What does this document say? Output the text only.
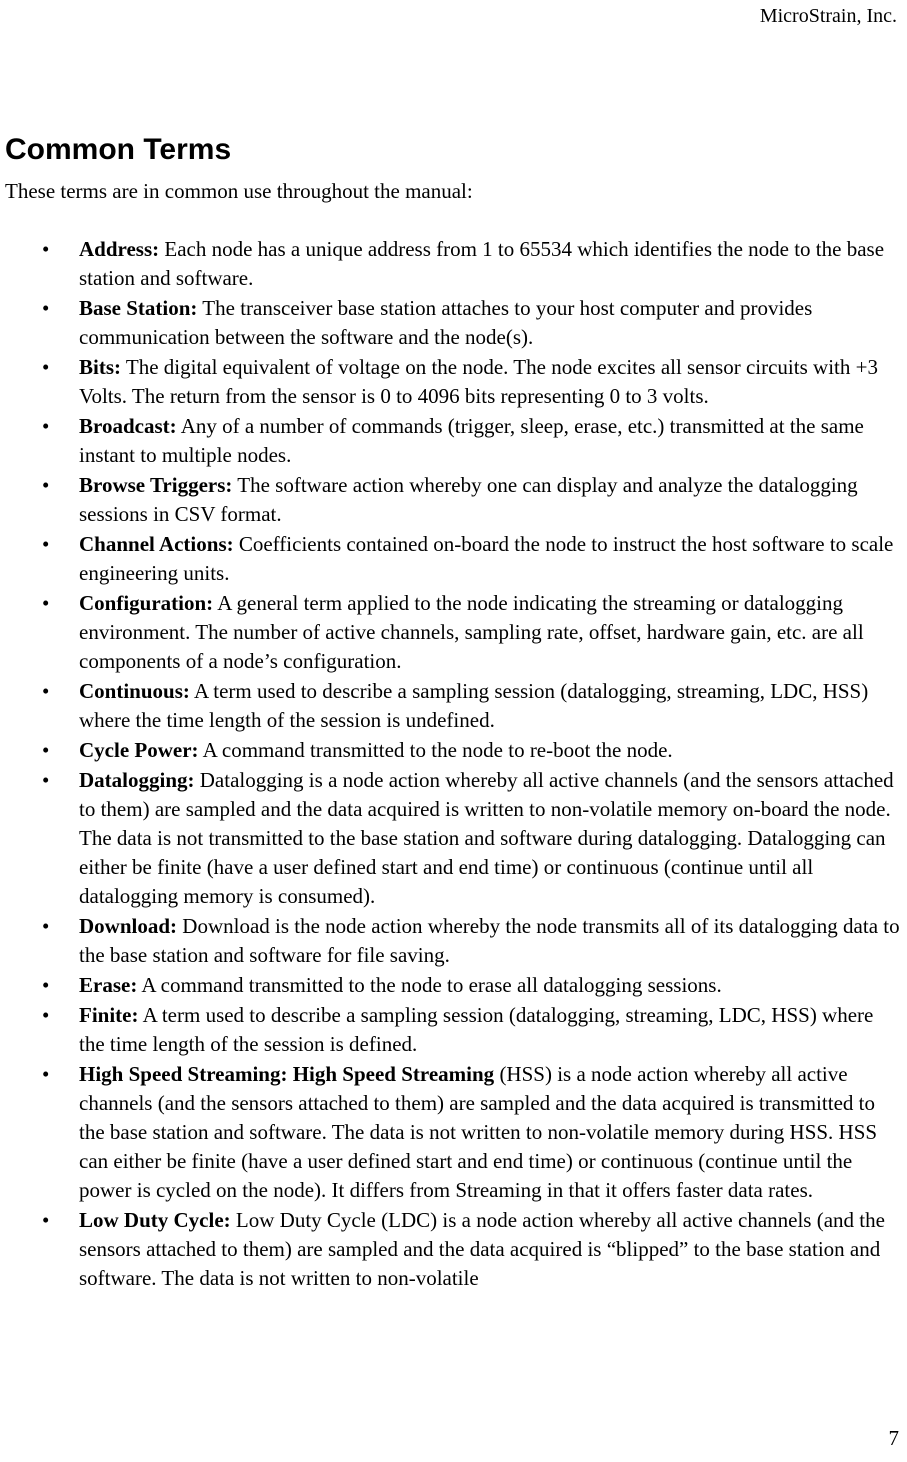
MicroStrain, Inc.
Common Terms

These terms are in common use throughout the manual:

• Address: Each node has a unique address from 1 to 65534 which identifies the node to the base station and software.
• Base Station: The transceiver base station attaches to your host computer and provides communication between the software and the node(s).
• Bits: The digital equivalent of voltage on the node. The node excites all sensor circuits with +3 Volts. The return from the sensor is 0 to 4096 bits representing 0 to 3 volts.
• Broadcast: Any of a number of commands (trigger, sleep, erase, etc.) transmitted at the same instant to multiple nodes.
• Browse Triggers: The software action whereby one can display and analyze the datalogging sessions in CSV format.
• Channel Actions: Coefficients contained on-board the node to instruct the host software to scale engineering units.
• Configuration: A general term applied to the node indicating the streaming or datalogging environment. The number of active channels, sampling rate, offset, hardware gain, etc. are all components of a node’s configuration.
• Continuous: A term used to describe a sampling session (datalogging, streaming, LDC, HSS) where the time length of the session is undefined.
• Cycle Power: A command transmitted to the node to re-boot the node.
• Datalogging: Datalogging is a node action whereby all active channels (and the sensors attached to them) are sampled and the data acquired is written to non-volatile memory on-board the node. The data is not transmitted to the base station and software during datalogging. Datalogging can either be finite (have a user defined start and end time) or continuous (continue until all datalogging memory is consumed).
• Download: Download is the node action whereby the node transmits all of its datalogging data to the base station and software for file saving.
• Erase: A command transmitted to the node to erase all datalogging sessions.
• Finite: A term used to describe a sampling session (datalogging, streaming, LDC, HSS) where the time length of the session is defined.
• High Speed Streaming: High Speed Streaming (HSS) is a node action whereby all active channels (and the sensors attached to them) are sampled and the data acquired is transmitted to the base station and software. The data is not written to non-volatile memory during HSS. HSS can either be finite (have a user defined start and end time) or continuous (continue until the power is cycled on the node). It differs from Streaming in that it offers faster data rates.
• Low Duty Cycle: Low Duty Cycle (LDC) is a node action whereby all active channels (and the sensors attached to them) are sampled and the data acquired is “blipped” to the base station and software. The data is not written to non-volatile
7
